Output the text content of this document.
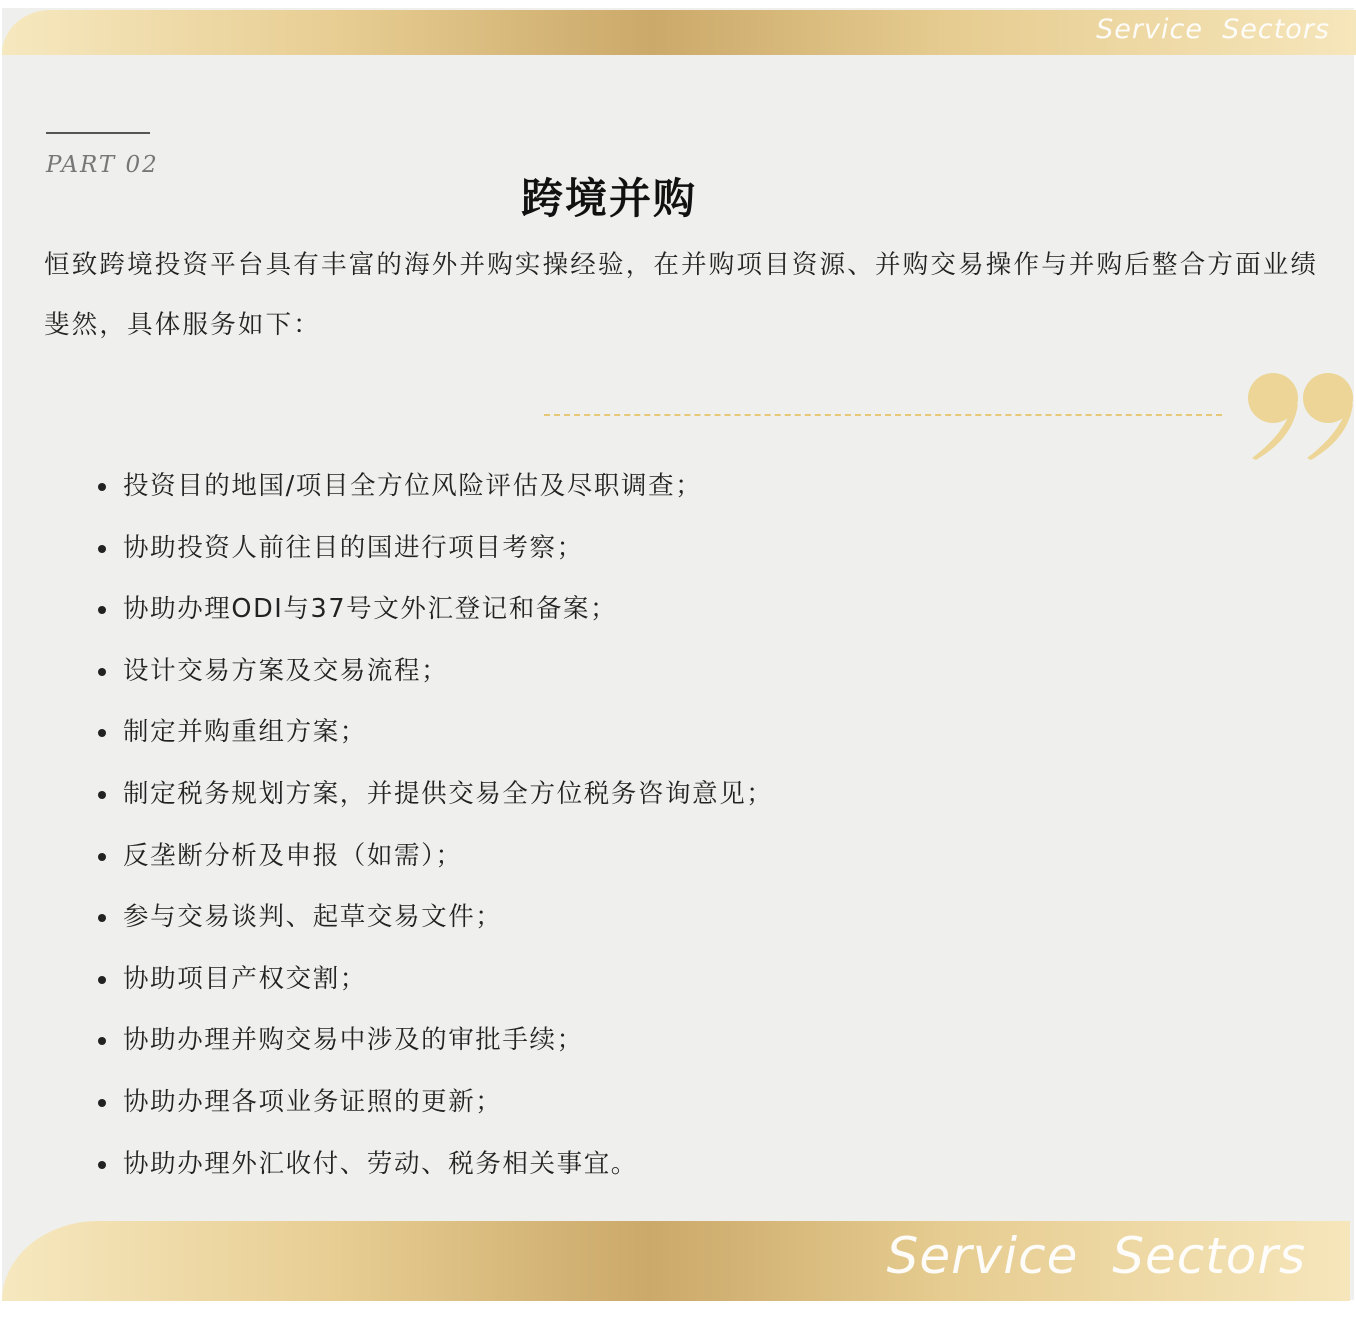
Service  Sectors
PART 02
跨境并购

恒致跨境投资平台具有丰富的海外并购实操经验，在并购项目资源、并购交易操作与并购后整合方面业绩斐然，具体服务如下：

投资目的地国/项目全方位风险评估及尽职调查；
协助投资人前往目的国进行项目考察；
协助办理ODI与37号文外汇登记和备案；
设计交易方案及交易流程；
制定并购重组方案；
制定税务规划方案，并提供交易全方位税务咨询意见；
反垄断分析及申报（如需）；
参与交易谈判、起草交易文件；
协助项目产权交割；
协助办理并购交易中涉及的审批手续；
协助办理各项业务证照的更新；
协助办理外汇收付、劳动、税务相关事宜。
Service  Sectors
